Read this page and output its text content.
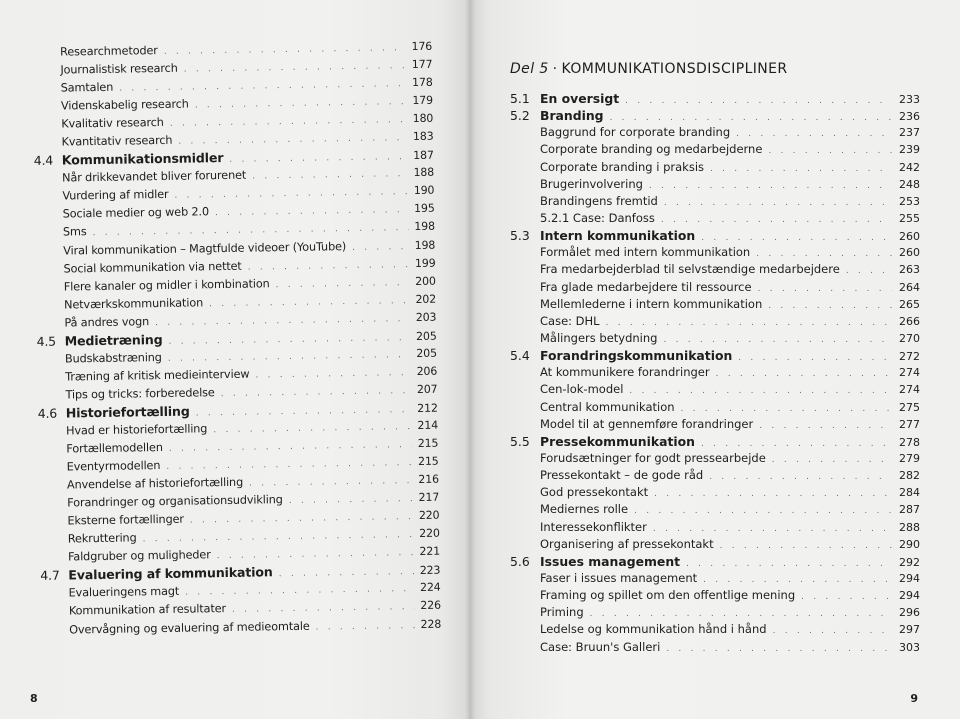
Researchmetoder . . .	176
Journalistisk research . . .	177
Samtalen . . .	178
Videnskabelig research . . .	179
Kvalitativ research . . .	180
Kvantitativ research . . .	183
4.4 Kommunikationsmidler . . .	187
Når drikkevandet bliver forurenet . . .	188
Vurdering af midler . . .	190
Sociale medier og web 2.0 . . .	195
Sms . . .	198
Viral kommunikation – Magtfulde videoer (YouTube) . . .	198
Social kommunikation via nettet . . .	199
Flere kanaler og midler i kombination . . .	200
Netværkskommunikation . . .	202
På andres vogn . . .	203
4.5 Medietræning . . .	205
Budskabstræning . . .	205
Træning af kritisk medieinterview . . .	206
Tips og tricks: forberedelse . . .	207
4.6 Historiefortælling . . .	212
Hvad er historiefortælling . . .	214
Fortællemodellen . . .	215
Eventyrmodellen . . .	215
Anvendelse af historiefortælling . . .	216
Forandringer og organisationsudvikling . . .	217
Eksterne fortællinger . . .	220
Rekruttering . . .	220
Faldgruber og muligheder . . .	221
4.7 Evaluering af kommunikation . . .	223
Evalueringens magt . . .	224
Kommunikation af resultater . . .	226
Overvågning og evaluering af medieomtale . . .	228
8
Del 5 · KOMMUNIKATIONSDISCIPLINER
5.1 En oversigt . . .	233
5.2 Branding . . .	236
Baggrund for corporate branding . . .	237
Corporate branding og medarbejderne . . .	239
Corporate branding i praksis . . .	242
Brugerinvolvering . . .	248
Brandingens fremtid . . .	253
5.2.1 Case: Danfoss . . .	255
5.3 Intern kommunikation . . .	260
Formålet med intern kommunikation . . .	260
Fra medarbejderblad til selvstændige medarbejdere . . .	263
Fra glade medarbejdere til ressource . . .	264
Mellemlederne i intern kommunikation . . .	265
Case: DHL . . .	266
Målingers betydning . . .	270
5.4 Forandringskommunikation . . .	272
At kommunikere forandringer . . .	274
Cen-lok-model . . .	274
Central kommunikation . . .	275
Model til at gennemføre forandringer . . .	277
5.5 Pressekommunikation . . .	278
Forudsætninger for godt pressearbejde . . .	279
Pressekontakt – de gode råd . . .	282
God pressekontakt . . .	284
Mediernes rolle . . .	287
Interessekonflikter . . .	288
Organisering af pressekontakt . . .	290
5.6 Issues management . . .	292
Faser i issues management . . .	294
Framing og spillet om den offentlige mening . . .	294
Priming . . .	296
Ledelse og kommunikation hånd i hånd . . .	297
Case: Bruun's Galleri . . .	303
9
